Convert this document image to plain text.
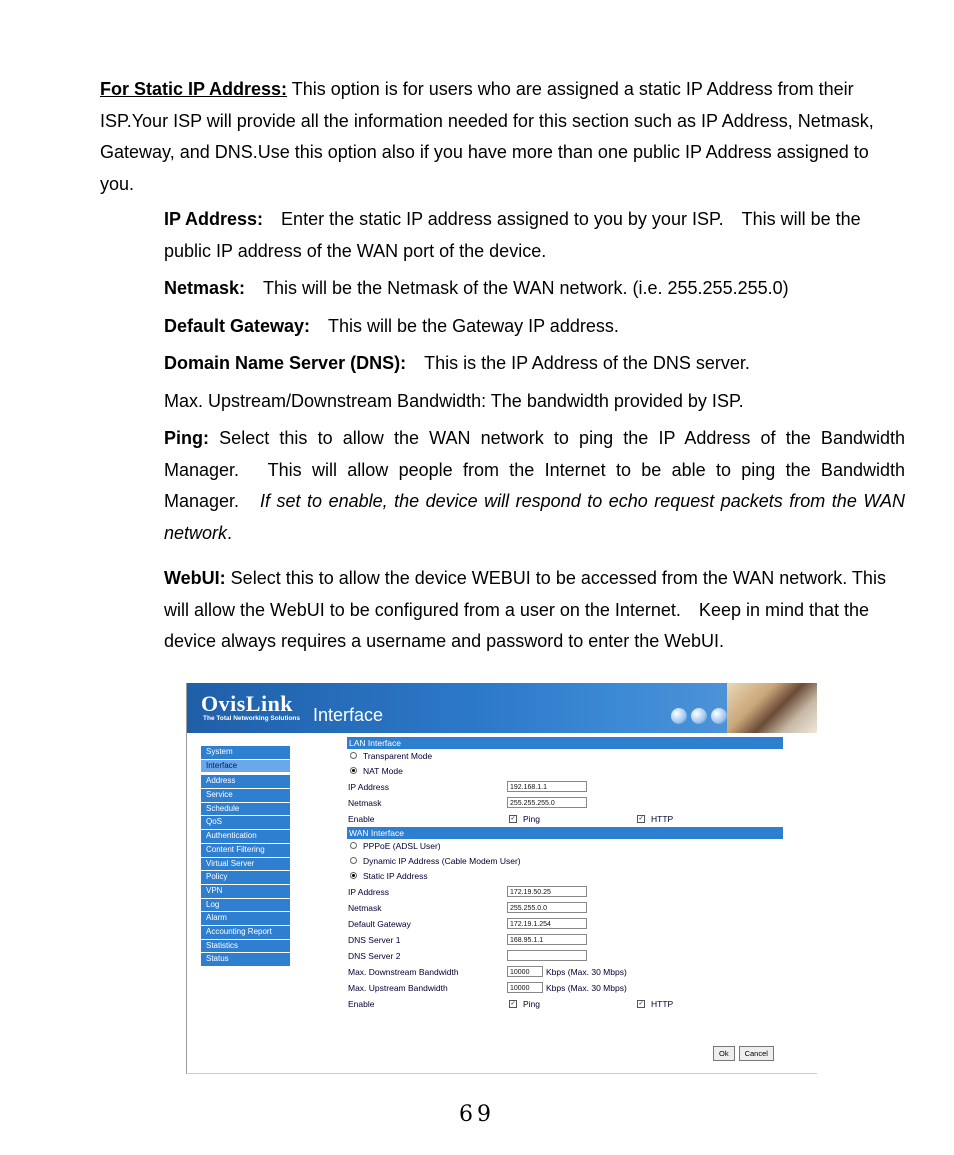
For Static IP Address: This option is for users who are assigned a static IP Address from their ISP.Your ISP will provide all the information needed for this section such as IP Address, Netmask, Gateway, and DNS.Use this option also if you have more than one public IP Address assigned to you.

IP Address:　Enter the static IP address assigned to you by your ISP.　This will be the public IP address of the WAN port of the device.

Netmask:　This will be the Netmask of the WAN network. (i.e. 255.255.255.0)

Default Gateway:　This will be the Gateway IP address.

Domain Name Server (DNS):　This is the IP Address of the DNS server.

Max. Upstream/Downstream Bandwidth: The bandwidth provided by ISP.

Ping: Select this to allow the WAN network to ping the IP Address of the Bandwidth Manager.　This will allow people from the Internet to be able to ping the Bandwidth Manager.　If set to enable, the device will respond to echo request packets from the WAN network.

WebUI: Select this to allow the device WEBUI to be accessed from the WAN network. This will allow the WebUI to be configured from a user on the Internet.　Keep in mind that the device always requires a username and password to enter the WebUI.

OvisLink
The Total Networking Solutions Interface
System
Interface
Address
Service
Schedule
QoS
Authentication
Content Filtering
Virtual Server
Policy
VPN
Log
Alarm
Accounting Report
Statistics
Status
LAN Interface
Transparent Mode
NAT Mode
IP Address	192.168.1.1
Netmask	255.255.255.0
Enable	✓ Ping	✓ HTTP
WAN Interface
PPPoE (ADSL User)
Dynamic IP Address (Cable Modem User)
Static IP Address
IP Address	172.19.50.25
Netmask	255.255.0.0
Default Gateway	172.19.1.254
DNS Server 1	168.95.1.1
DNS Server 2
Max. Downstream Bandwidth	10000	Kbps (Max. 30 Mbps)
Max. Upstream Bandwidth	10000	Kbps (Max. 30 Mbps)
Enable	✓ Ping	✓ HTTP
Ok	Cancel
69
